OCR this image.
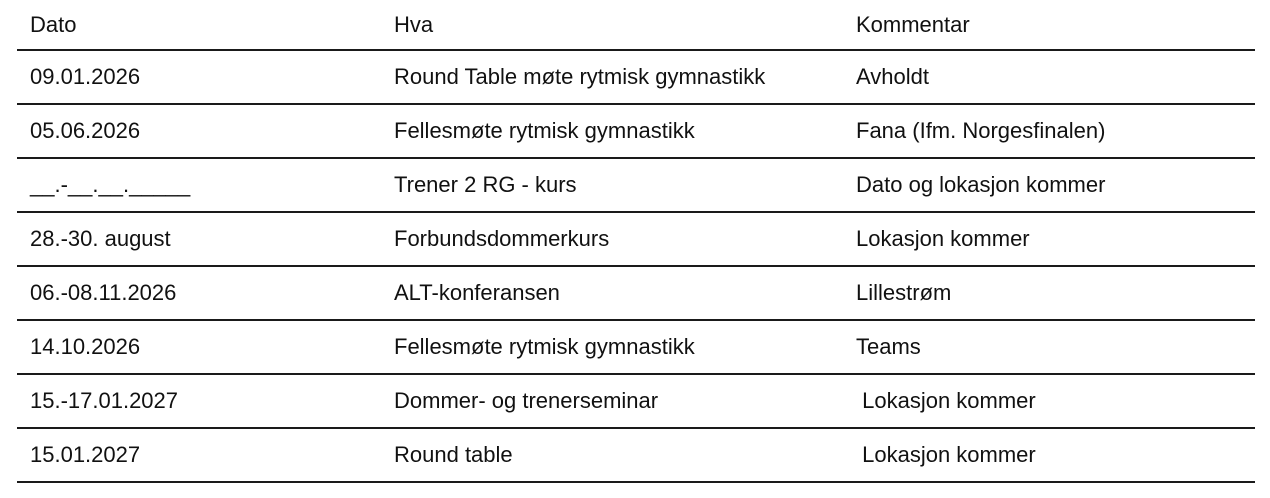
Dato	Hva	Kommentar
09.01.2026	Round Table møte rytmisk gymnastikk	Avholdt
05.06.2026	Fellesmøte rytmisk gymnastikk	Fana (Ifm. Norgesfinalen)
__.-__.__._____	Trener 2 RG - kurs	Dato og lokasjon kommer
28.-30. august	Forbundsdommerkurs	Lokasjon kommer
06.-08.11.2026	ALT-konferansen	Lillestrøm
14.10.2026	Fellesmøte rytmisk gymnastikk	Teams
15.-17.01.2027	Dommer- og trenerseminar	Lokasjon kommer
15.01.2027	Round table	Lokasjon kommer
